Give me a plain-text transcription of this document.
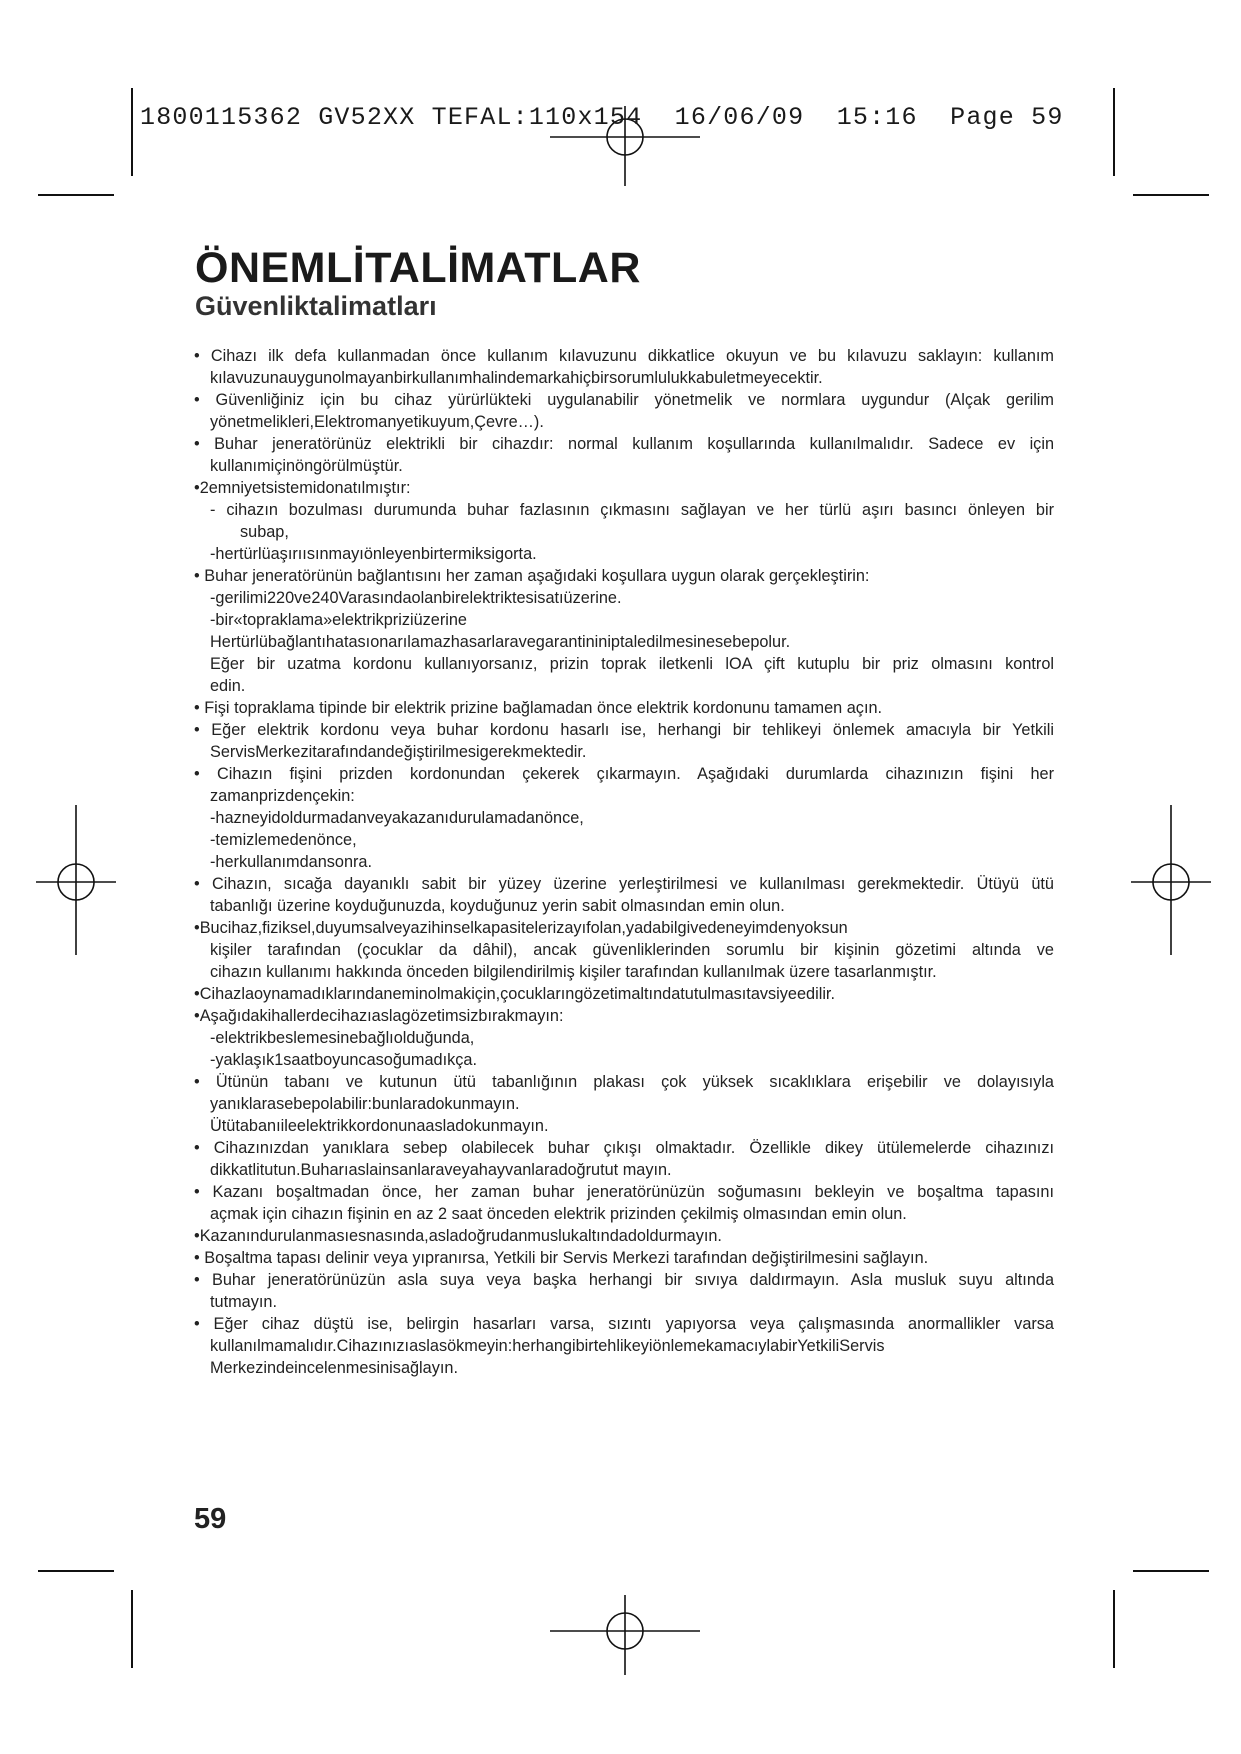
1800115362 GV52XX TEFAL:110x154  16/06/09  15:16  Page 59
ÖNEMLİTALİMATLAR
Güvenliktalimatları
• Cihazı ilk defa kullanmadan önce kullanım kılavuzunu dikkatlice okuyun ve bu kılavuzu saklayın: kullanım
kılavuzunauygunolmayanbirkullanımhalindemarkahiçbirsorumlulukkabuletmeyecektir.
• Güvenliğiniz için bu cihaz yürürlükteki uygulanabilir yönetmelik ve normlara uygundur (Alçak gerilim
yönetmelikleri,Elektromanyetikuyum,Çevre…).
• Buhar jeneratörünüz elektrikli bir cihazdır: normal kullanım koşullarında kullanılmalıdır. Sadece ev için
kullanımiçinöngörülmüştür.
•2emniyetsistemidonatılmıştır:
- cihazın bozulması durumunda buhar fazlasının çıkmasını sağlayan ve her türlü aşırı basıncı önleyen bir
subap,
-hertürlüaşırıısınmayıönleyenbirtermiksigorta.
• Buhar jeneratörünün bağlantısını her zaman aşağıdaki koşullara uygun olarak gerçekleştirin:
-gerilimi220ve240Varasındaolanbirelektriktesisatıüzerine.
-bir«topraklama»elektrikprizіüzerine
Hertürlübağlantıhatasıonarılamazhasarlaravegarantininiptaledilmesinesebepolur.
Eğer bir uzatma kordonu kullanıyorsanız, prizin toprak iletkenli lOA çift kutuplu bir priz olmasını kontrol
edin.
• Fişi topraklama tipinde bir elektrik prizine bağlamadan önce elektrik kordonunu tamamen açın.
• Eğer elektrik kordonu veya buhar kordonu hasarlı ise, herhangi bir tehlikeyi önlemek amacıyla bir Yetkili
ServisMerkezitarafındandeğiştirilmesigerekmektedir.
• Cihazın fişini prizden kordonundan çekerek çıkarmayın. Aşağıdaki durumlarda cihazınızın fişini her
zamanprizdençekin:
-hazneyidoldurmadanveyakazanıdurulamadanönce,
-temizlemedenönce,
-herkullanımdansonra.
• Cihazın, sıcağa dayanıklı sabit bir yüzey üzerine yerleştirilmesi ve kullanılması gerekmektedir. Ütüyü ütü
tabanlığı üzerine koyduğunuzda, koyduğunuz yerin sabit olmasından emin olun.
•Bucihaz,fiziksel,duyumsalveyazihinselkapasitelerizayıfolan,yadabilgivedeneyimdenyoksun
kişiler tarafından (çocuklar da dâhil), ancak güvenliklerinden sorumlu bir kişinin gözetimi altında ve
cihazın kullanımı hakkında önceden bilgilendirilmiş kişiler tarafından kullanılmak üzere tasarlanmıştır.
•Cihazlaoynamadıklarındaneminolmakiçin,çocuklarıngözetimaltındatutulmasıtavsiyeedilir.
•Aşağıdakihallerdecihazıaslagözetimsizbırakmayın:
-elektrikbeslemesinebağlıolduğunda,
-yaklaşık1saatboyuncasoğumadıkça.
• Ütünün tabanı ve kutunun ütü tabanlığının plakası çok yüksek sıcaklıklara erişebilir ve dolayısıyla
yanıklarasebepolabilir:bunlaradokunmayın.
Ütütabanıileelektrikkordonunaasladokunmayın.
• Cihazınızdan yanıklara sebep olabilecek buhar çıkışı olmaktadır. Özellikle dikey ütülemelerde cihazınızı
dikkatlitutun.Buharıaslainsanlaraveyahayvanlaradoğrutut mayın.
• Kazanı boşaltmadan önce, her zaman buhar jeneratörünüzün soğumasını bekleyin ve boşaltma tapasını
açmak için cihazın fişinin en az 2 saat önceden elektrik prizinden çekilmiş olmasından emin olun.
•Kazanındurulanmasıesnasında,asladoğrudanmuslukaltındadoldurmayın.
• Boşaltma tapası delinir veya yıpranırsa, Yetkili bir Servis Merkezi tarafından değiştirilmesini sağlayın.
• Buhar jeneratörünüzün asla suya veya başka herhangi bir sıvıya daldırmayın. Asla musluk suyu altında
tutmayın.
• Eğer cihaz düştü ise, belirgin hasarları varsa, sızıntı yapıyorsa veya çalışmasında anormallikler varsa
kullanılmamalıdır.Cihazınızıaslasökmeyin:herhangibirtehlikeyiönlemekamacıylabirYetkiliServis
Merkezindeincelenmesinisağlayın.
59
